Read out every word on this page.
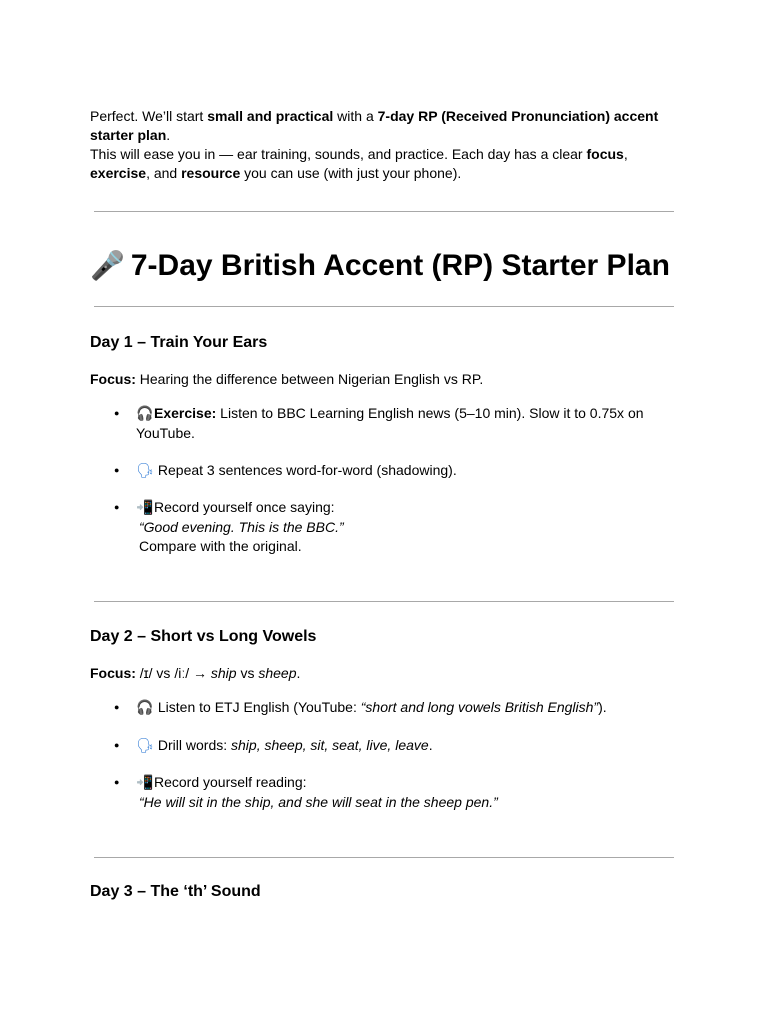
Perfect. We’ll start small and practical with a 7-day RP (Received Pronunciation) accent starter plan.
This will ease you in — ear training, sounds, and practice. Each day has a clear focus, exercise, and resource you can use (with just your phone).
🎤 7-Day British Accent (RP) Starter Plan
Day 1 – Train Your Ears
Focus: Hearing the difference between Nigerian English vs RP.
● 🎧Exercise: Listen to BBC Learning English news (5–10 min). Slow it to 0.75x on YouTube.
● 🗣 Repeat 3 sentences word-for-word (shadowing).
● 📲Record yourself once saying:
“Good evening. This is the BBC.”
Compare with the original.
Day 2 – Short vs Long Vowels
Focus: /ɪ/ vs /iː/ → ship vs sheep.
● 🎧 Listen to ETJ English (YouTube: “short and long vowels British English”).
● 🗣 Drill words: ship, sheep, sit, seat, live, leave.
● 📲Record yourself reading:
“He will sit in the ship, and she will seat in the sheep pen.”
Day 3 – The ‘th’ Sound
